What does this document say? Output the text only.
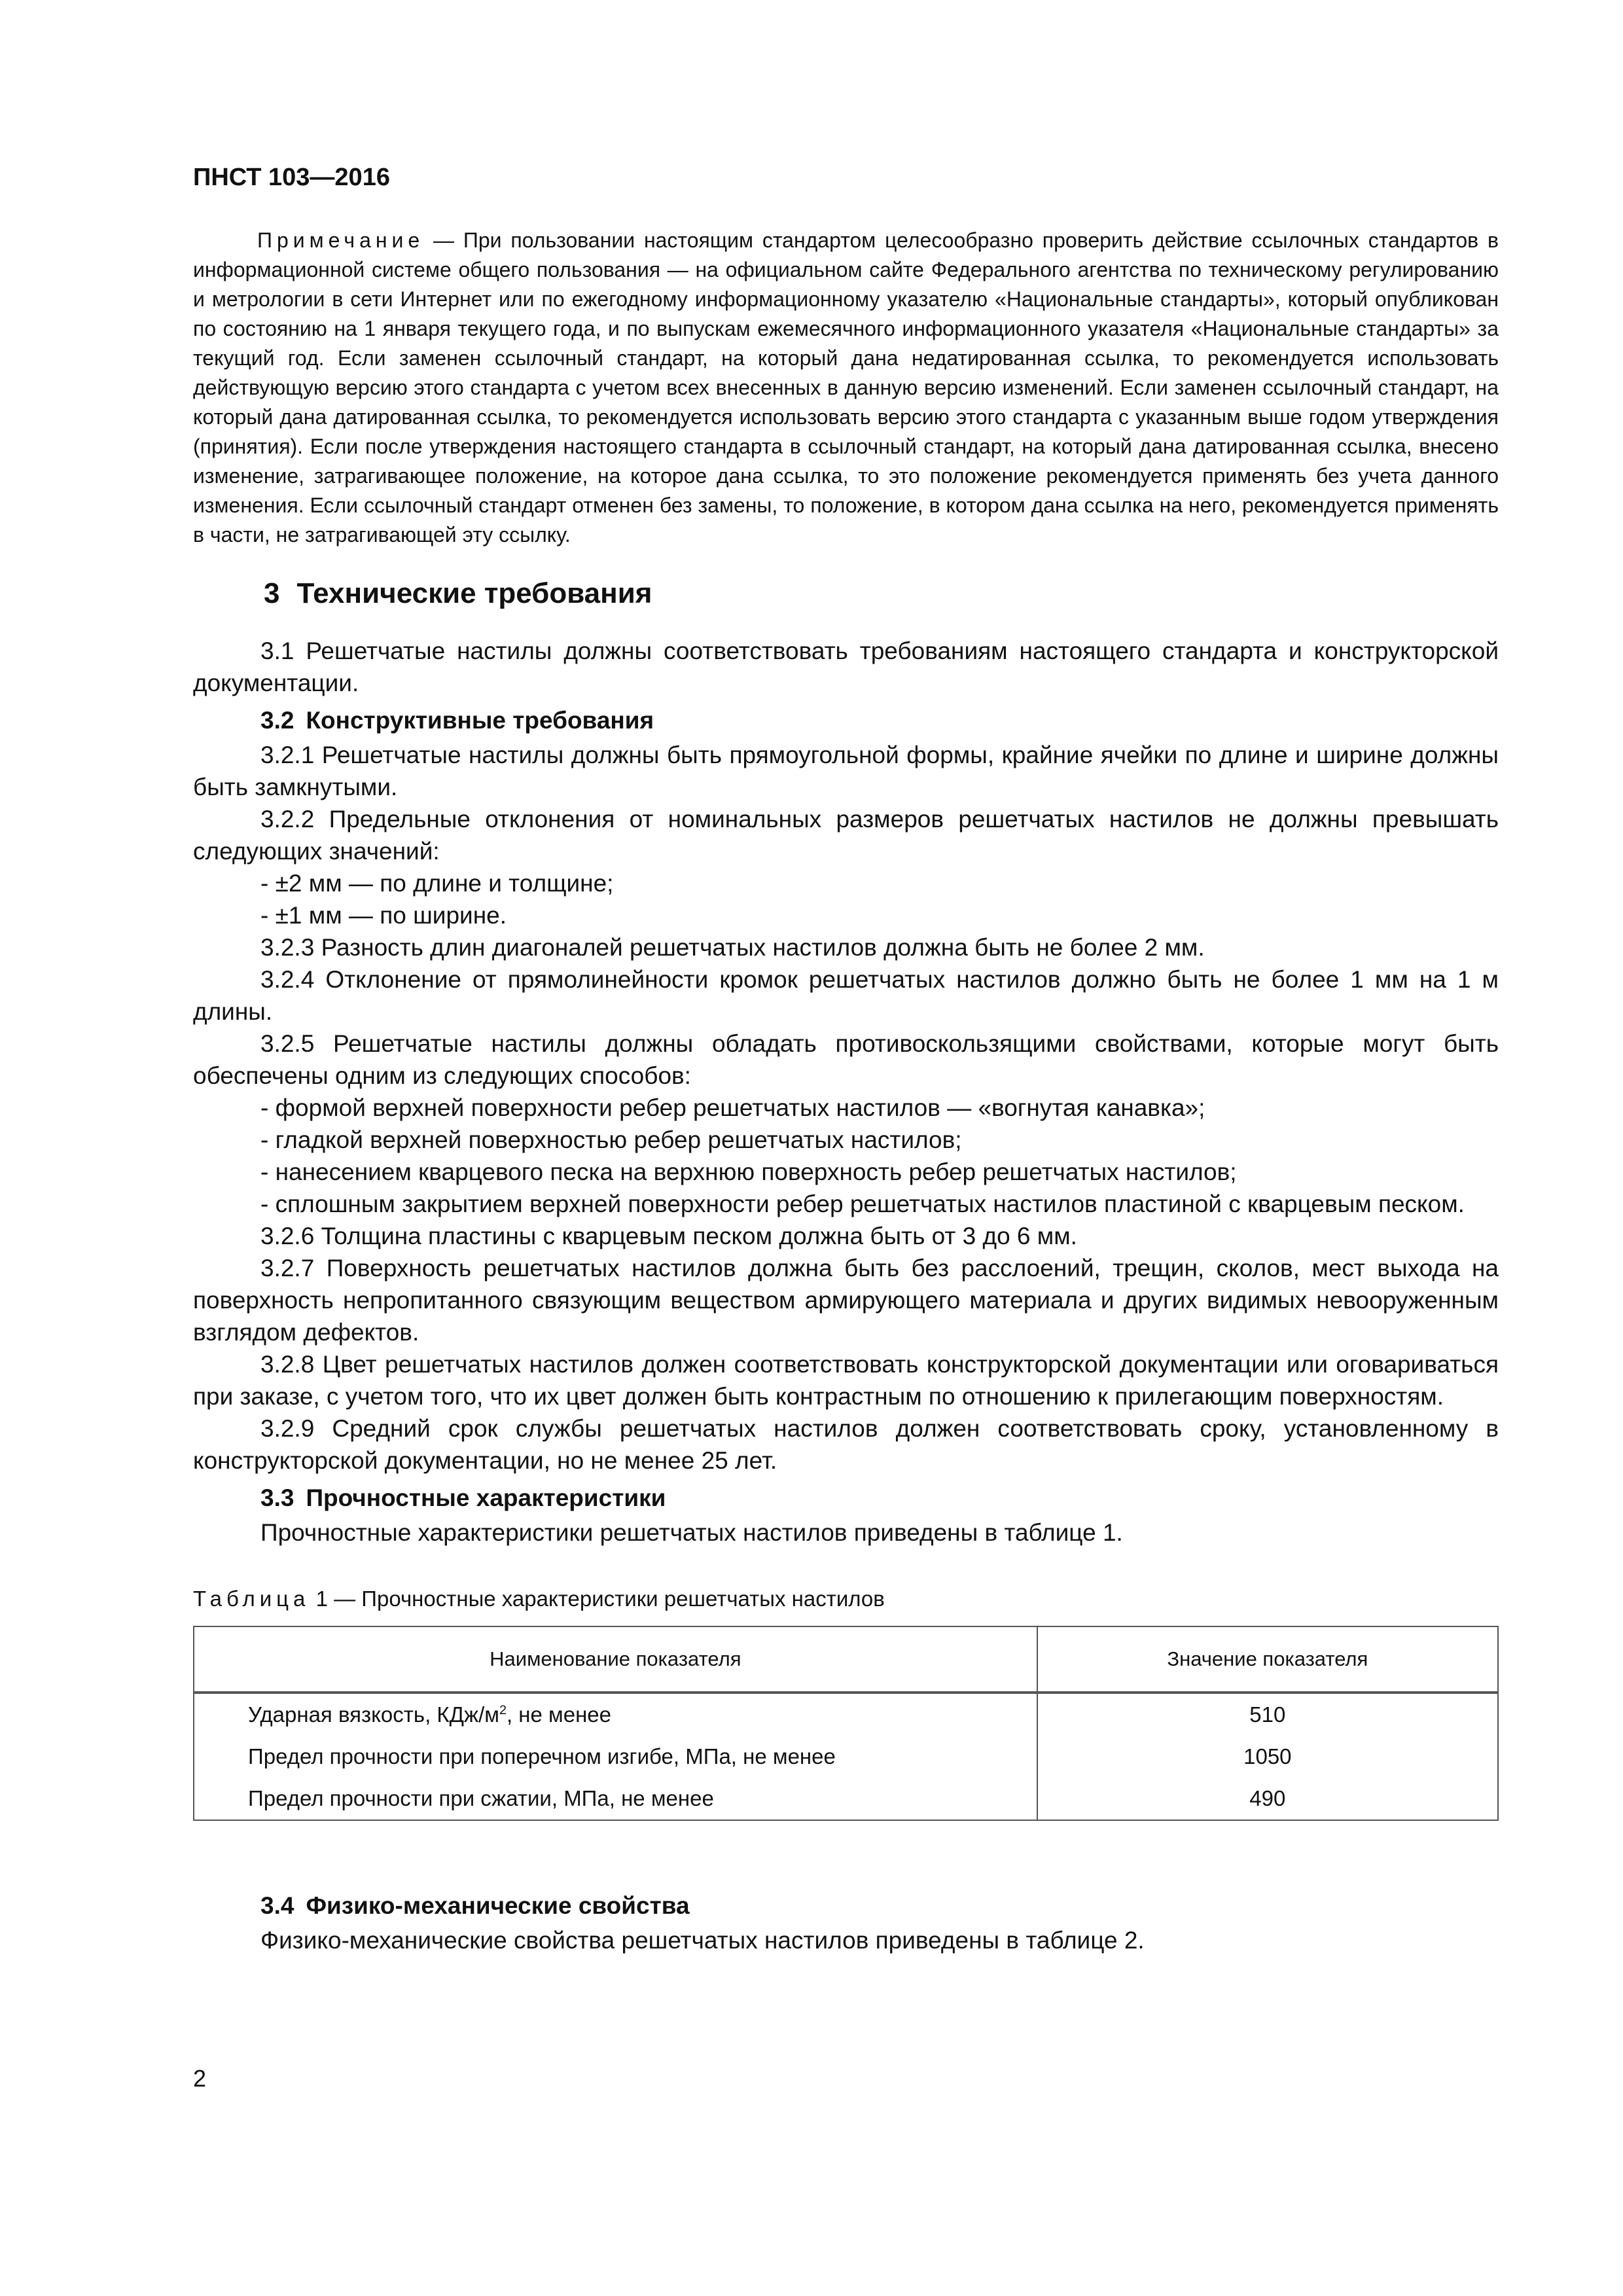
ПНСТ 103—2016

Примечание — При пользовании настоящим стандартом целесообразно проверить действие ссылочных стандартов в информационной системе общего пользования — на официальном сайте Федерального агентства по техническому регулированию и метрологии в сети Интернет или по ежегодному информационному указателю «Национальные стандарты», который опубликован по состоянию на 1 января текущего года, и по выпускам ежемесячного информационного указателя «Национальные стандарты» за текущий год. Если заменен ссылочный стандарт, на который дана недатированная ссылка, то рекомендуется использовать действующую версию этого стандарта с учетом всех внесенных в данную версию изменений. Если заменен ссылочный стандарт, на который дана датированная ссылка, то рекомендуется использовать версию этого стандарта с указанным выше годом утверждения (принятия). Если после утверждения настоящего стандарта в ссылочный стандарт, на который дана датированная ссылка, внесено изменение, затрагивающее положение, на которое дана ссылка, то это положение рекомендуется применять без учета данного изменения. Если ссылочный стандарт отменен без замены, то положение, в котором дана ссылка на него, рекомендуется применять в части, не затрагивающей эту ссылку.

3 Технические требования

3.1 Решетчатые настилы должны соответствовать требованиям настоящего стандарта и конструкторской документации.

3.2 Конструктивные требования

3.2.1 Решетчатые настилы должны быть прямоугольной формы, крайние ячейки по длине и ширине должны быть замкнутыми.

3.2.2 Предельные отклонения от номинальных размеров решетчатых настилов не должны превышать следующих значений:

- ±2 мм — по длине и толщине;

- ±1 мм — по ширине.

3.2.3 Разность длин диагоналей решетчатых настилов должна быть не более 2 мм.

3.2.4 Отклонение от прямолинейности кромок решетчатых настилов должно быть не более 1 мм на 1 м длины.

3.2.5 Решетчатые настилы должны обладать противоскользящими свойствами, которые могут быть обеспечены одним из следующих способов:

- формой верхней поверхности ребер решетчатых настилов — «вогнутая канавка»;

- гладкой верхней поверхностью ребер решетчатых настилов;

- нанесением кварцевого песка на верхнюю поверхность ребер решетчатых настилов;

- сплошным закрытием верхней поверхности ребер решетчатых настилов пластиной с кварцевым песком.

3.2.6 Толщина пластины с кварцевым песком должна быть от 3 до 6 мм.

3.2.7 Поверхность решетчатых настилов должна быть без расслоений, трещин, сколов, мест выхода на поверхность непропитанного связующим веществом армирующего материала и других видимых невооруженным взглядом дефектов.

3.2.8 Цвет решетчатых настилов должен соответствовать конструкторской документации или оговариваться при заказе, с учетом того, что их цвет должен быть контрастным по отношению к прилегающим поверхностям.

3.2.9 Средний срок службы решетчатых настилов должен соответствовать сроку, установленному в конструкторской документации, но не менее 25 лет.

3.3 Прочностные характеристики

Прочностные характеристики решетчатых настилов приведены в таблице 1.

Таблица 1 — Прочностные характеристики решетчатых настилов
Наименование показателя	Значение показателя
Ударная вязкость, КДж/$м^2$, не менее	510
Предел прочности при поперечном изгибе, МПа, не менее	1050
Предел прочности при сжатии, МПа, не менее	490
3.4 Физико-механические свойства

Физико-механические свойства решетчатых настилов приведены в таблице 2.

2
